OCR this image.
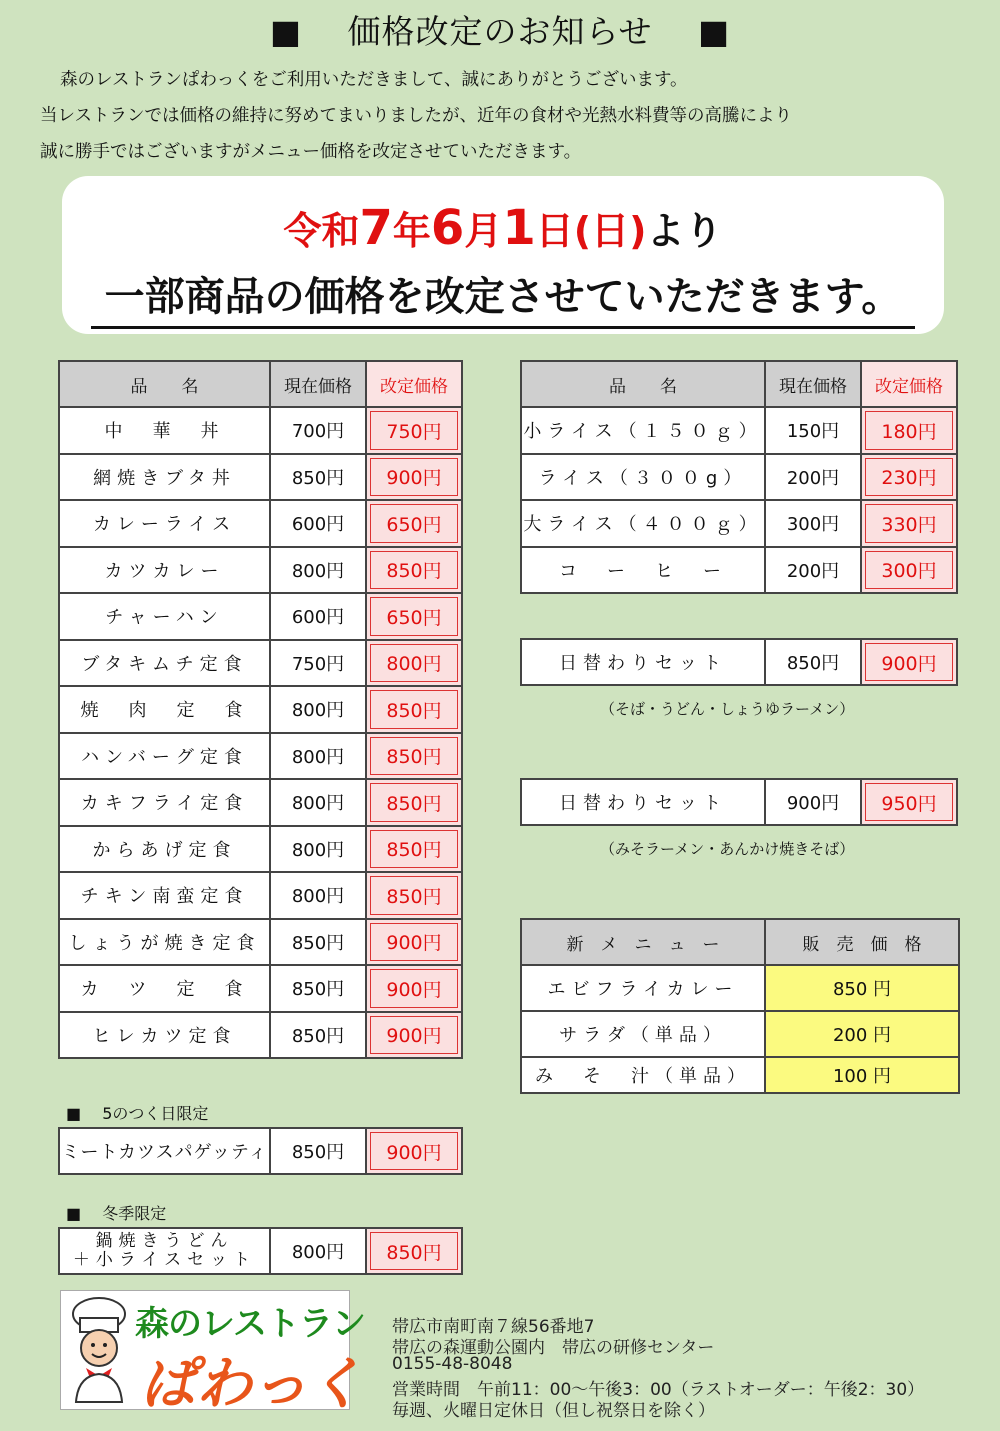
■　 価格改定のお知らせ　 ■
森のレストランぱわっくをご利用いただきまして、誠にありがとうございます。
当レストランでは価格の維持に努めてまいりましたが、近年の食材や光熱水料費等の高騰により
誠に勝手ではございますがメニュー価格を改定させていただきます。
令和7年6月1日(日)より
一部商品の価格を改定させていただきます。
品　　名	現在価格	改定価格
中　華　丼	700円	750円
網焼きブタ丼	850円	900円
カレーライス	600円	650円
カツカレー	800円	850円
チャーハン	600円	650円
ブタキムチ定食	750円	800円
焼　肉　定　食	800円	850円
ハンバーグ定食	800円	850円
カキフライ定食	800円	850円
からあげ定食	800円	850円
チキン南蛮定食	800円	850円
しょうが焼き定食	850円	900円
カ　ツ　定　食	850円	900円
ヒレカツ定食	850円	900円
品　　名	現在価格	改定価格
小ライス（１５０ｇ）	150円	180円
ライス（３００g）	200円	230円
大ライス（４００ｇ）	300円	330円
コ　ー　ヒ　ー	200円	300円
日替わりセット	850円	900円
（そば・うどん・しょうゆラーメン）
日替わりセット	900円	950円
（みそラーメン・あんかけ焼きそば）
新　メ　ニ　ュ　ー	販　売　価　格
エビフライカレー	850 円
サラダ（単品）	200 円
み　そ　汁（単品）	100 円
■　 5のつく日限定
ミートカツスパゲッティ	850円	900円
■　 冬季限定
鍋焼きうどん
＋小ライスセット	800円	850円
森のレストラン
ぱわっく
帯広市南町南７線56番地7
帯広の森運動公園内　帯広の研修センター
0155-48-8048
営業時間　午前11：00～午後3：00（ラストオーダー：午後2：30）
毎週、火曜日定休日（但し祝祭日を除く）
